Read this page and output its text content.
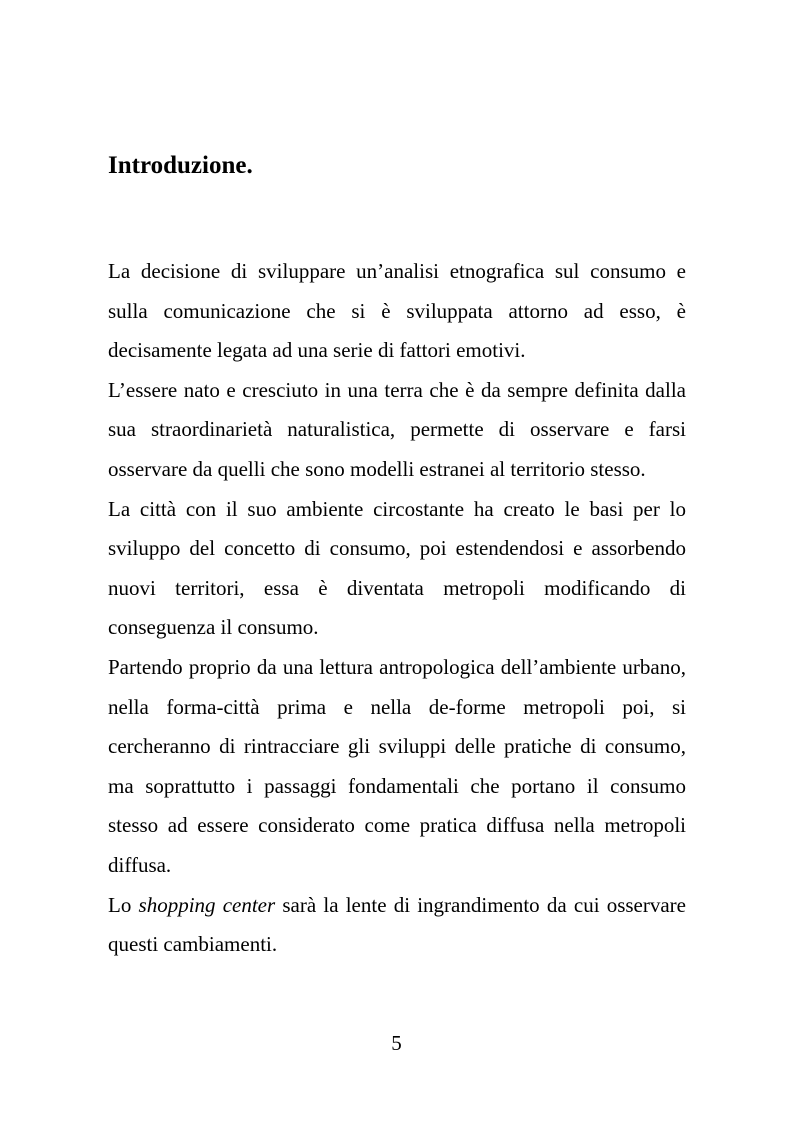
Introduzione.

La decisione di sviluppare un’analisi etnografica sul consumo e sulla comunicazione che si è sviluppata attorno ad esso, è decisamente legata ad una serie di fattori emotivi.

L’essere nato e cresciuto in una terra che è da sempre definita dalla sua straordinarietà naturalistica, permette di osservare e farsi osservare da quelli che sono modelli estranei al territorio stesso.

La città con il suo ambiente circostante ha creato le basi per lo sviluppo del concetto di consumo, poi estendendosi e assorbendo nuovi territori, essa è diventata metropoli modificando di conseguenza il consumo.

Partendo proprio da una lettura antropologica dell’ambiente urbano, nella forma-città prima e nella de-forme metropoli poi, si cercheranno di rintracciare gli sviluppi delle pratiche di consumo, ma soprattutto i passaggi fondamentali che portano il consumo stesso ad essere considerato come pratica diffusa nella metropoli diffusa.

Lo shopping center sarà la lente di ingrandimento da cui osservare questi cambiamenti.

5
